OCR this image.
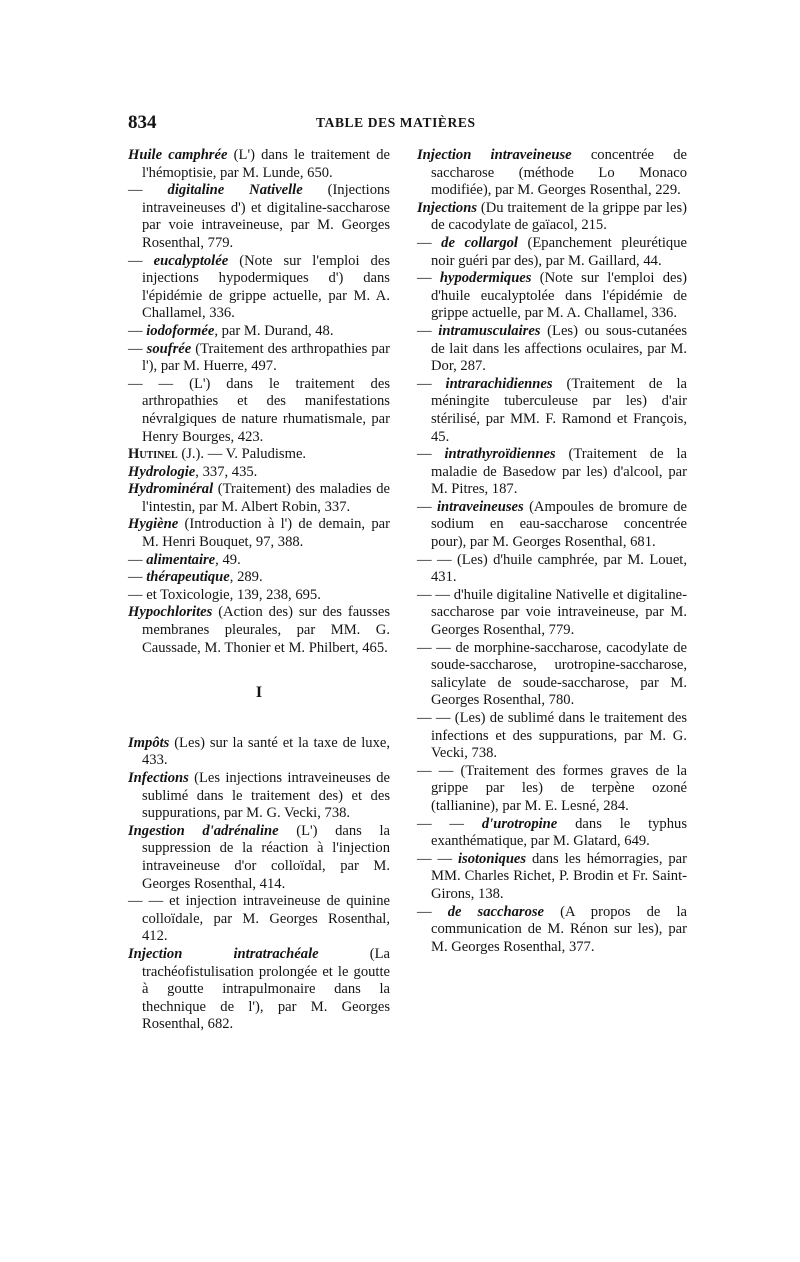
834	TABLE DES MATIÈRES

Huile camphrée (L') dans le traitement de l'hémoptisie, par M. Lunde, 650.

— digitaline Nativelle (Injections intraveineuses d') et digitaline-saccharose par voie intraveineuse, par M. Georges Rosenthal, 779.

— eucalyptolée (Note sur l'emploi des injections hypodermiques d') dans l'épidémie de grippe actuelle, par M. A. Challamel, 336.

— iodoformée, par M. Durand, 48.

— soufrée (Traitement des arthropathies par l'), par M. Huerre, 497.

— — (L') dans le traitement des arthropathies et des manifestations névralgiques de nature rhumatismale, par Henry Bourges, 423.

Hutinel (J.). — V. Paludisme.

Hydrologie, 337, 435.

Hydrominéral (Traitement) des maladies de l'intestin, par M. Albert Robin, 337.

Hygiène (Introduction à l') de demain, par M. Henri Bouquet, 97, 388.

— alimentaire, 49.

— thérapeutique, 289.

— et Toxicologie, 139, 238, 695.

Hypochlorites (Action des) sur des fausses membranes pleurales, par MM. G. Caussade, M. Thonier et M. Philbert, 465.

I

Impôts (Les) sur la santé et la taxe de luxe, 433.

Infections (Les injections intraveineuses de sublimé dans le traitement des) et des suppurations, par M. G. Vecki, 738.

Ingestion d'adrénaline (L') dans la suppression de la réaction à l'injection intraveineuse d'or colloïdal, par M. Georges Rosenthal, 414.

— — et injection intraveineuse de quinine colloïdale, par M. Georges Rosenthal, 412.

Injection intratrachéale (La trachéofistulisation prolongée et le goutte à goutte intrapulmonaire dans la thechnique de l'), par M. Georges Rosenthal, 682.

Injection intraveineuse concentrée de saccharose (méthode Lo Monaco modifiée), par M. Georges Rosenthal, 229.

Injections (Du traitement de la grippe par les) de cacodylate de gaïacol, 215.

— de collargol (Epanchement pleurétique noir guéri par des), par M. Gaillard, 44.

— hypodermiques (Note sur l'emploi des) d'huile eucalyptolée dans l'épidémie de grippe actuelle, par M. A. Challamel, 336.

— intramusculaires (Les) ou sous-cutanées de lait dans les affections oculaires, par M. Dor, 287.

— intrarachidiennes (Traitement de la méningite tuberculeuse par les) d'air stérilisé, par MM. F. Ramond et François, 45.

— intrathyroïdiennes (Traitement de la maladie de Basedow par les) d'alcool, par M. Pitres, 187.

— intraveineuses (Ampoules de bromure de sodium en eau-saccharose concentrée pour), par M. Georges Rosenthal, 681.

— — (Les) d'huile camphrée, par M. Louet, 431.

— — d'huile digitaline Nativelle et digitaline-saccharose par voie intraveineuse, par M. Georges Rosenthal, 779.

— — de morphine-saccharose, cacodylate de soude-saccharose, urotropine-saccharose, salicylate de soude-saccharose, par M. Georges Rosenthal, 780.

— — (Les) de sublimé dans le traitement des infections et des suppurations, par M. G. Vecki, 738.

— — (Traitement des formes graves de la grippe par les) de terpène ozoné (tallianine), par M. E. Lesné, 284.

— — d'urotropine dans le typhus exanthématique, par M. Glatard, 649.

— — isotoniques dans les hémorragies, par MM. Charles Richet, P. Brodin et Fr. Saint-Girons, 138.

— de saccharose (A propos de la communication de M. Rénon sur les), par M. Georges Rosenthal, 377.
